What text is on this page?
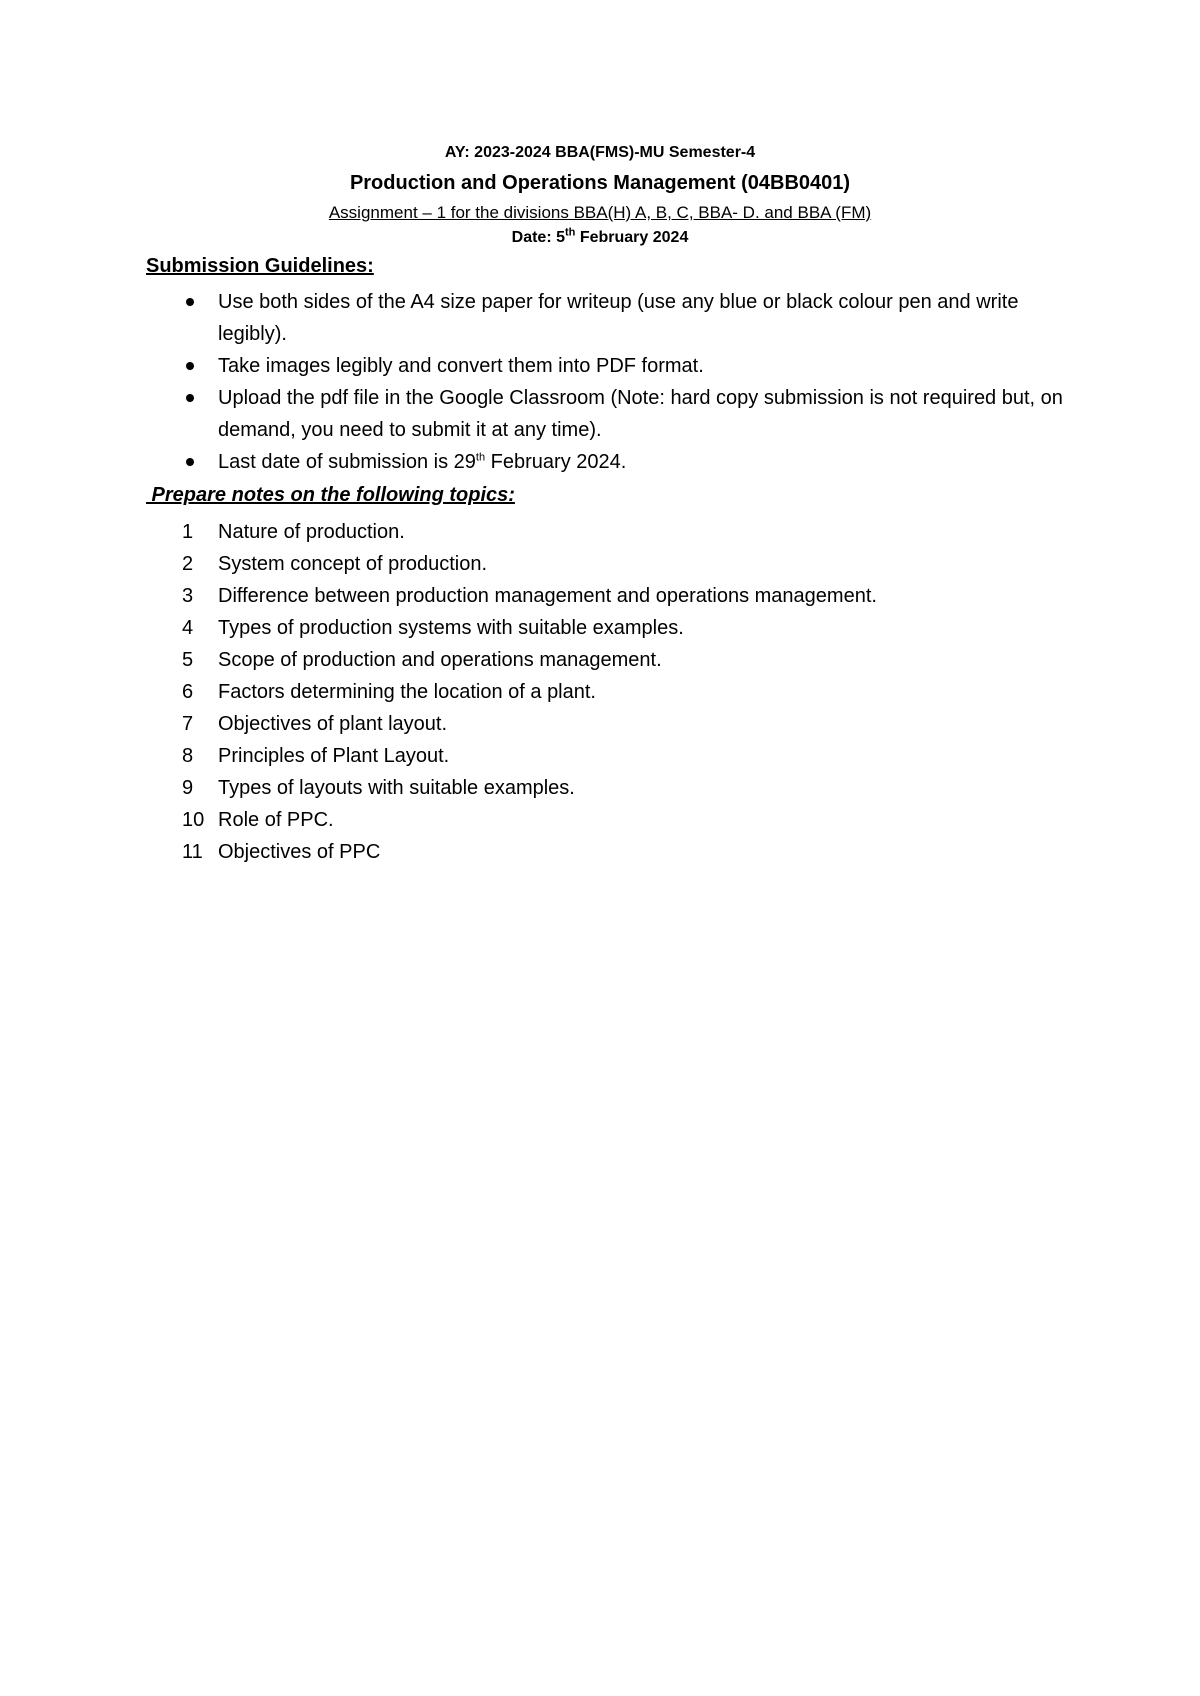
AY: 2023-2024 BBA(FMS)-MU Semester-4
Production and Operations Management (04BB0401)
Assignment – 1 for the divisions BBA(H) A, B, C, BBA- D. and BBA (FM)
Date: 5th February 2024
Submission Guidelines:
Use both sides of the A4 size paper for writeup (use any blue or black colour pen and write legibly).
Take images legibly and convert them into PDF format.
Upload the pdf file in the Google Classroom (Note: hard copy submission is not required but, on demand, you need to submit it at any time).
Last date of submission is 29th February 2024.
Prepare notes on the following topics:
1	Nature of production.
2	System concept of production.
3	Difference between production management and operations management.
4	Types of production systems with suitable examples.
5	Scope of production and operations management.
6	Factors determining the location of a plant.
7	Objectives of plant layout.
8	Principles of Plant Layout.
9	Types of layouts with suitable examples.
10 Role of PPC.
11 Objectives of PPC
